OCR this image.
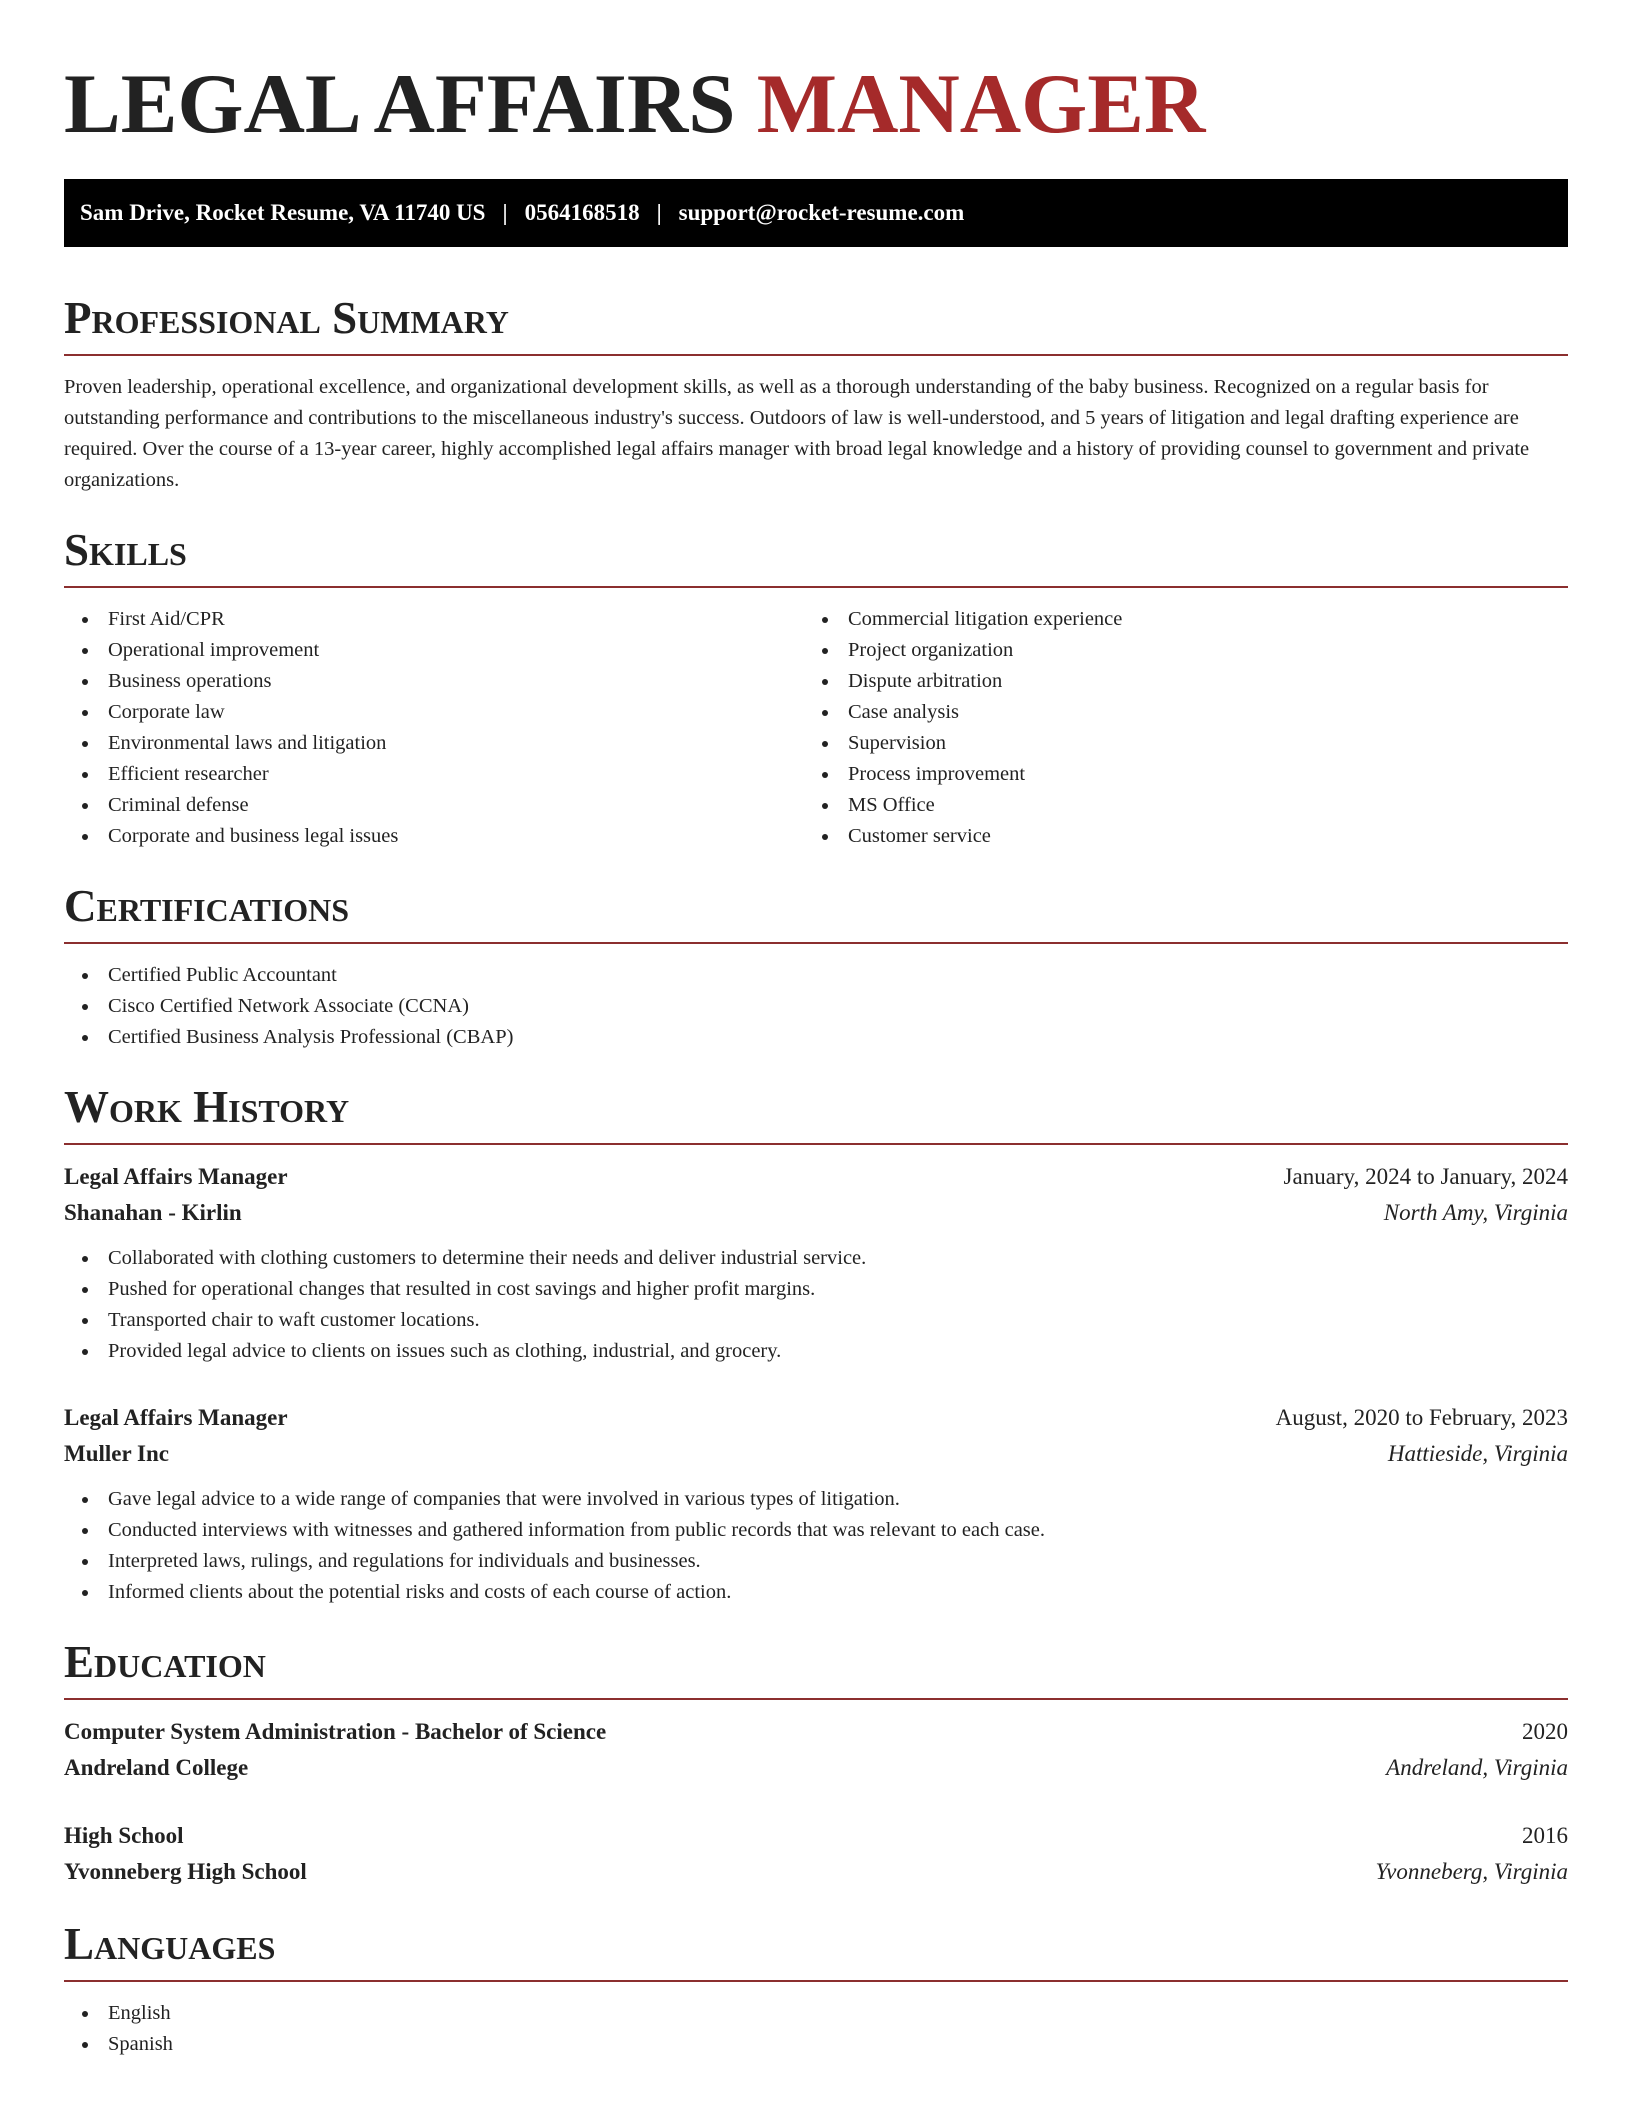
LEGAL AFFAIRS MANAGER
Sam Drive, Rocket Resume, VA 11740 US | 0564168518 | support@rocket-resume.com
Professional Summary

Proven leadership, operational excellence, and organizational development skills, as well as a thorough understanding of the baby business. Recognized on a regular basis for outstanding performance and contributions to the miscellaneous industry's success. Outdoors of law is well-understood, and 5 years of litigation and legal drafting experience are required. Over the course of a 13-year career, highly accomplished legal affairs manager with broad legal knowledge and a history of providing counsel to government and private organizations.

Skills
First Aid/CPR
Operational improvement
Business operations
Corporate law
Environmental laws and litigation
Efficient researcher
Criminal defense
Corporate and business legal issues
Commercial litigation experience
Project organization
Dispute arbitration
Case analysis
Supervision
Process improvement
MS Office
Customer service
Certifications
Certified Public Accountant
Cisco Certified Network Associate (CCNA)
Certified Business Analysis Professional (CBAP)
Work History
Legal Affairs Manager	January, 2024 to January, 2024
Shanahan - Kirlin	North Amy, Virginia
Collaborated with clothing customers to determine their needs and deliver industrial service.
Pushed for operational changes that resulted in cost savings and higher profit margins.
Transported chair to waft customer locations.
Provided legal advice to clients on issues such as clothing, industrial, and grocery.
Legal Affairs Manager	August, 2020 to February, 2023
Muller Inc	Hattieside, Virginia
Gave legal advice to a wide range of companies that were involved in various types of litigation.
Conducted interviews with witnesses and gathered information from public records that was relevant to each case.
Interpreted laws, rulings, and regulations for individuals and businesses.
Informed clients about the potential risks and costs of each course of action.
Education
Computer System Administration - Bachelor of Science	2020
Andreland College	Andreland, Virginia
High School	2016
Yvonneberg High School	Yvonneberg, Virginia
Languages
English
Spanish
